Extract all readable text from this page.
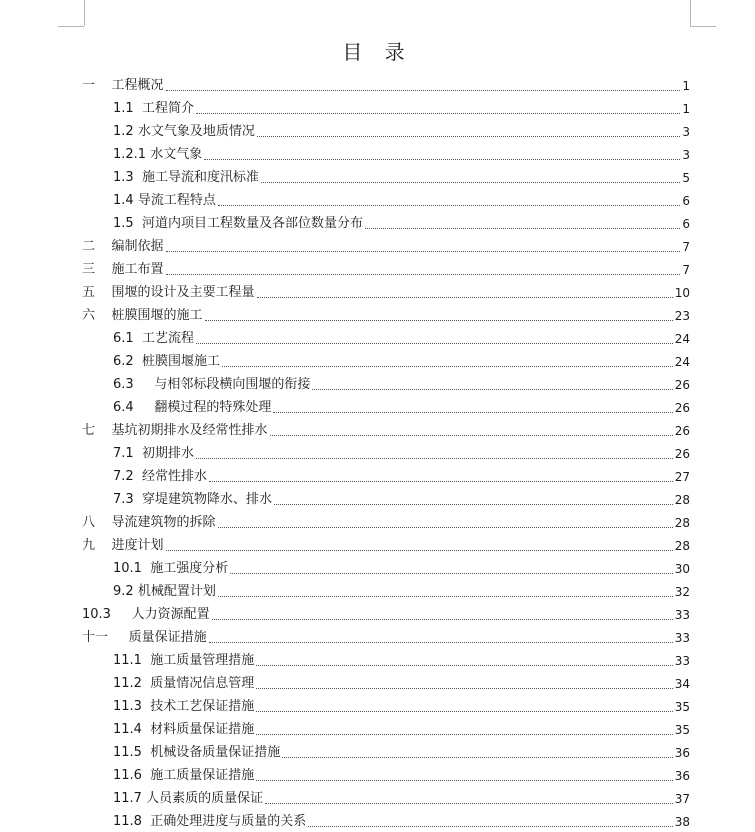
目 录
一 工程概况	1
1.1 工程简介	1
1.2 水文气象及地质情况	3
1.2.1 水文气象	3
1.3 施工导流和度汛标准	5
1.4 导流工程特点	6
1.5 河道内项目工程数量及各部位数量分布	6
二 编制依据	7
三 施工布置	7
五 围堰的设计及主要工程量	10
六 桩膜围堰的施工	23
6.1 工艺流程	24
6.2 桩膜围堰施工	24
6.3 与相邻标段横向围堰的衔接	26
6.4 翻模过程的特殊处理	26
七 基坑初期排水及经常性排水	26
7.1 初期排水	26
7.2 经常性排水	27
7.3 穿堤建筑物降水、排水	28
八 导流建筑物的拆除	28
九 进度计划	28
10.1 施工强度分析	30
9.2 机械配置计划	32
10.3 人力资源配置	33
十一 质量保证措施	33
11.1 施工质量管理措施	33
11.2 质量情况信息管理	34
11.3 技术工艺保证措施	35
11.4 材料质量保证措施	35
11.5 机械设备质量保证措施	36
11.6 施工质量保证措施	36
11.7 人员素质的质量保证	37
11.8 正确处理进度与质量的关系	38
